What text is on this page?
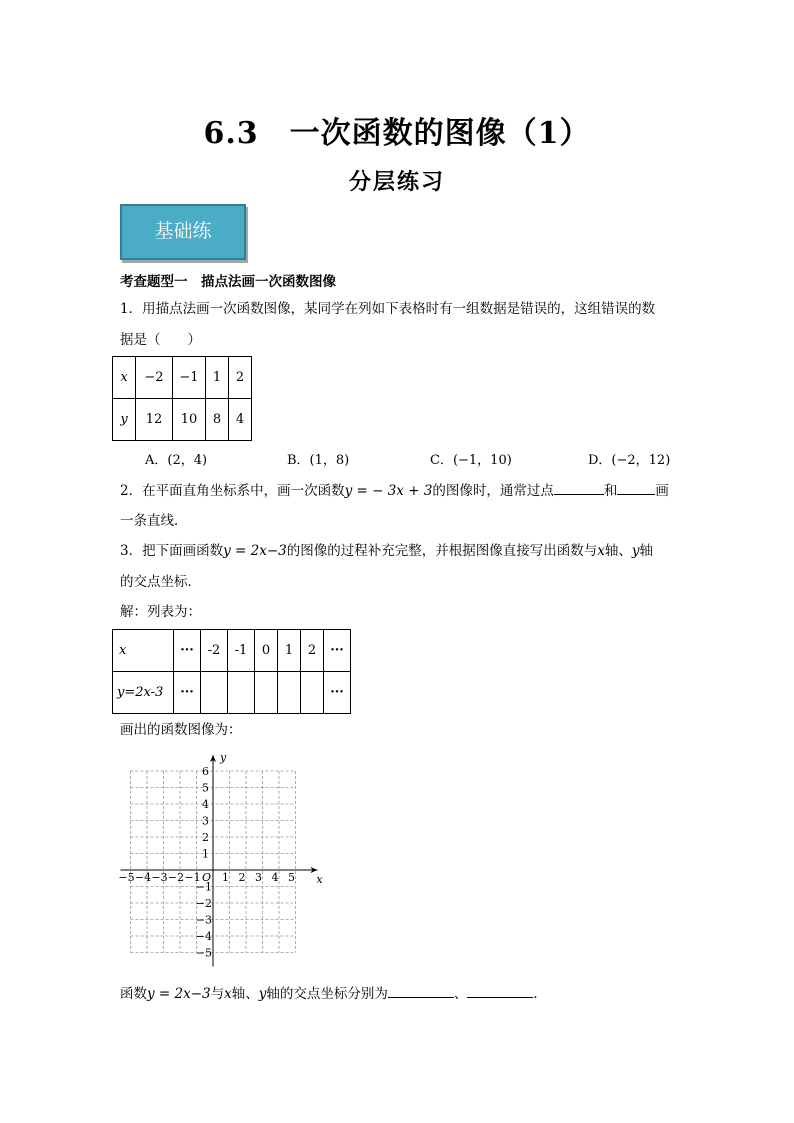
6.3　一次函数的图像（1）
分层练习
基础练
考查题型一　描点法画一次函数图像
1．用描点法画一次函数图像，某同学在列如下表格时有一组数据是错误的，这组错误的数
据是（　　）
x	−2	−1	1	2
y	12	10	8	4
A．(2，4)	B．(1，8)	C．(−1，10)	D．(−2，12)
2．在平面直角坐标系中，画一次函数y = − 3x + 3的图像时，通常过点	和	画
一条直线．
3．把下面画函数y = 2x−3的图像的过程补充完整，并根据图像直接写出函数与x轴、y轴
的交点坐标．
解：列表为：
x	···	-2	-1	0	1	2	···
y=2x-3	···						···
画出的函数图像为：
−5 −4 −3 −2 −1 1 2 3 4 5
1
2
3
4
5
6
−1
−2
−3
−4
−5
O	x
y
函数y = 2x−3与x轴、y轴的交点坐标分别为	、	．
